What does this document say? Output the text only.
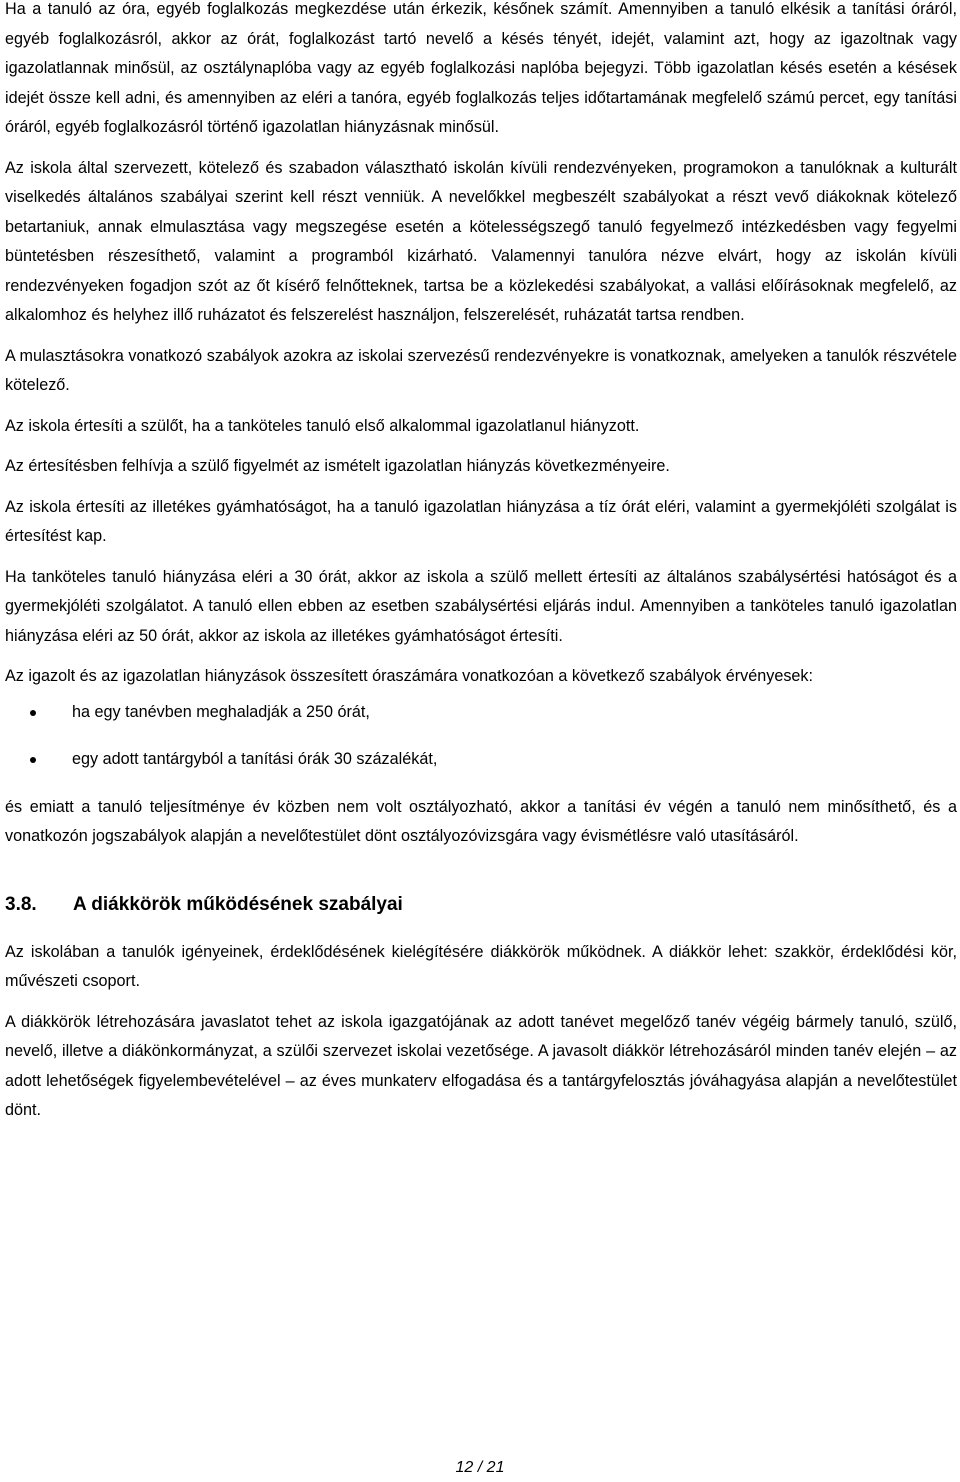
Ha a tanuló az óra, egyéb foglalkozás megkezdése után érkezik, későnek számít. Amennyiben a tanuló elkésik a tanítási óráról, egyéb foglalkozásról, akkor az órát, foglalkozást tartó nevelő a késés tényét, idejét, valamint azt, hogy az igazoltnak vagy igazolatlannak minősül, az osztálynaplóba vagy az egyéb foglalkozási naplóba bejegyzi. Több igazolatlan késés esetén a késések idejét össze kell adni, és amennyiben az eléri a tanóra, egyéb foglalkozás teljes időtartamának megfelelő számú percet, egy tanítási óráról, egyéb foglalkozásról történő igazolatlan hiányzásnak minősül.

Az iskola által szervezett, kötelező és szabadon választható iskolán kívüli rendezvényeken, programokon a tanulóknak a kulturált viselkedés általános szabályai szerint kell részt venniük. A nevelőkkel megbeszélt szabályokat a részt vevő diákoknak kötelező betartaniuk, annak elmulasztása vagy megszegése esetén a kötelességszegő tanuló fegyelmező intézkedésben vagy fegyelmi büntetésben részesíthető, valamint a programból kizárható. Valamennyi tanulóra nézve elvárt, hogy az iskolán kívüli rendezvényeken fogadjon szót az őt kísérő felnőtteknek, tartsa be a közlekedési szabályokat, a vallási előírásoknak megfelelő, az alkalomhoz és helyhez illő ruházatot és felszerelést használjon, felszerelését, ruházatát tartsa rendben.

A mulasztásokra vonatkozó szabályok azokra az iskolai szervezésű rendezvényekre is vonatkoznak, amelyeken a tanulók részvétele kötelező.

Az iskola értesíti a szülőt, ha a tanköteles tanuló első alkalommal igazolatlanul hiányzott.

Az értesítésben felhívja a szülő figyelmét az ismételt igazolatlan hiányzás következményeire.

Az iskola értesíti az illetékes gyámhatóságot, ha a tanuló igazolatlan hiányzása a tíz órát eléri, valamint a gyermekjóléti szolgálat is értesítést kap.

Ha tanköteles tanuló hiányzása eléri a 30 órát, akkor az iskola a szülő mellett értesíti az általános szabálysértési hatóságot és a gyermekjóléti szolgálatot. A tanuló ellen ebben az esetben szabálysértési eljárás indul. Amennyiben a tanköteles tanuló igazolatlan hiányzása eléri az 50 órát, akkor az iskola az illetékes gyámhatóságot értesíti.

Az igazolt és az igazolatlan hiányzások összesített óraszámára vonatkozóan a következő szabályok érvényesek:

ha egy tanévben meghaladják a 250 órát,
egy adott tantárgyból a tanítási órák 30 százalékát,

és emiatt a tanuló teljesítménye év közben nem volt osztályozható, akkor a tanítási év végén a tanuló nem minősíthető, és a vonatkozón jogszabályok alapján a nevelőtestület dönt osztályozóvizsgára vagy évismétlésre való utasításáról.

3.8.	A diákkörök működésének szabályai

Az iskolában a tanulók igényeinek, érdeklődésének kielégítésére diákkörök működnek. A diákkör lehet: szakkör, érdeklődési kör, művészeti csoport.

A diákkörök létrehozására javaslatot tehet az iskola igazgatójának az adott tanévet megelőző tanév végéig bármely tanuló, szülő, nevelő, illetve a diákönkormányzat, a szülői szervezet iskolai vezetősége. A javasolt diákkör létrehozásáról minden tanév elején – az adott lehetőségek figyelembevételével – az éves munkaterv elfogadása és a tantárgyfelosztás jóváhagyása alapján a nevelőtestület dönt.

12 / 21
